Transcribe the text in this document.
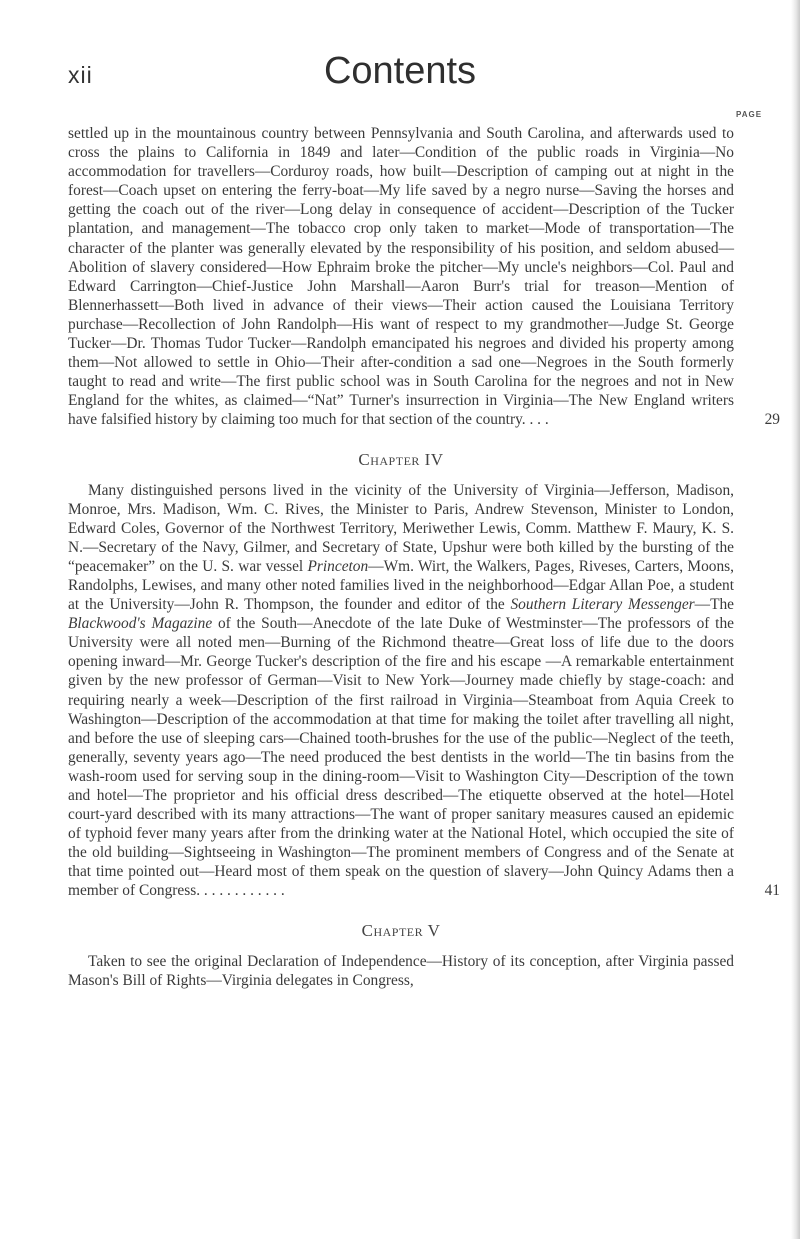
xii	Contents
PAGE

settled up in the mountainous country between Pennsylvania and South Carolina, and afterwards used to cross the plains to California in 1849 and later—Condition of the public roads in Virginia—No accommodation for travellers—Corduroy roads, how built—Description of camping out at night in the forest—Coach upset on entering the ferry-boat—My life saved by a negro nurse—Saving the horses and getting the coach out of the river—Long delay in consequence of accident—Description of the Tucker plantation, and management—The tobacco crop only taken to market—Mode of transportation—The character of the planter was generally elevated by the responsibility of his position, and seldom abused—Abolition of slavery considered—How Ephraim broke the pitcher—My uncle's neighbors—Col. Paul and Edward Carrington—Chief-Justice John Marshall—Aaron Burr's trial for treason—Mention of Blennerhassett—Both lived in advance of their views—Their action caused the Louisiana Territory purchase—Recollection of John Randolph—His want of respect to my grandmother—Judge St. George Tucker—Dr. Thomas Tudor Tucker—Randolph emancipated his negroes and divided his property among them—Not allowed to settle in Ohio—Their after-condition a sad one—Negroes in the South formerly taught to read and write—The first public school was in South Carolina for the negroes and not in New England for the whites, as claimed—“Nat” Turner's insurrection in Virginia—The New England writers have falsified history by claiming too much for that section of the country. . . .	29
Chapter IV

Many distinguished persons lived in the vicinity of the University of Virginia—Jefferson, Madison, Monroe, Mrs. Madison, Wm. C. Rives, the Minister to Paris, Andrew Stevenson, Minister to London, Edward Coles, Governor of the Northwest Territory, Meriwether Lewis, Comm. Matthew F. Maury, K. S. N.—Secretary of the Navy, Gilmer, and Secretary of State, Upshur were both killed by the bursting of the “peacemaker” on the U. S. war vessel Princeton—Wm. Wirt, the Walkers, Pages, Riveses, Carters, Moons, Randolphs, Lewises, and many other noted families lived in the neighborhood—Edgar Allan Poe, a student at the University—John R. Thompson, the founder and editor of the Southern Literary Messenger—The Blackwood's Magazine of the South—Anecdote of the late Duke of Westminster—The professors of the University were all noted men—Burning of the Richmond theatre—Great loss of life due to the doors opening inward—Mr. George Tucker's description of the fire and his escape —A remarkable entertainment given by the new professor of German—Visit to New York—Journey made chiefly by stage-coach: and requiring nearly a week—Description of the first railroad in Virginia—Steamboat from Aquia Creek to Washington—Description of the accommodation at that time for making the toilet after travelling all night, and before the use of sleeping cars—Chained tooth-brushes for the use of the public—Neglect of the teeth, generally, seventy years ago—The need produced the best dentists in the world—The tin basins from the wash-room used for serving soup in the dining-room—Visit to Washington City—Description of the town and hotel—The proprietor and his official dress described—The etiquette observed at the hotel—Hotel court-yard described with its many attractions—The want of proper sanitary measures caused an epidemic of typhoid fever many years after from the drinking water at the National Hotel, which occupied the site of the old building—Sightseeing in Washington—The prominent members of Congress and of the Senate at that time pointed out—Heard most of them speak on the question of slavery—John Quincy Adams then a member of Congress. . . . . . . . . . . .	41
Chapter V

Taken to see the original Declaration of Independence—History of its conception, after Virginia passed Mason's Bill of Rights—Virginia delegates in Congress,
